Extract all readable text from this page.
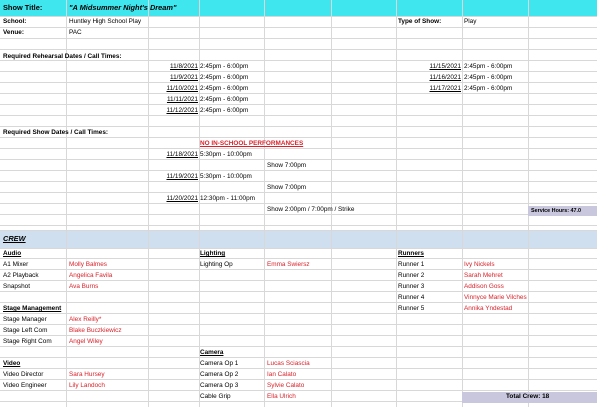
Show Title:	"A Midsummer Night's Dream"
School:	Huntley High School Play	Type of Show:	Play
Venue:	PAC
Required Rehearsal Dates / Call Times:
11/8/2021 2:45pm - 6:00pm
11/9/2021 2:45pm - 6:00pm
11/10/2021 2:45pm - 6:00pm
11/11/2021 2:45pm - 6:00pm
11/12/2021 2:45pm - 6:00pm
11/15/2021 2:45pm - 6:00pm
11/16/2021 2:45pm - 6:00pm
11/17/2021 2:45pm - 6:00pm
Required Show Dates / Call Times:
NO IN-SCHOOL PERFORMANCES
11/18/2021 5:30pm - 10:00pm
Show 7:00pm
11/19/2021 5:30pm - 10:00pm
Show 7:00pm
11/20/2021 12:30pm - 11:00pm
Show 2:00pm / 7:00pm / Strike	Service Hours: 47.0
CREW
Audio
A1 Mixer	Molly Balmes
A2 Playback	Angelica Favila
Snapshot	Ava Burns
Stage Management
Stage Manager	Alex Reilly*
Stage Left Com	Blake Buczkiewicz
Stage Right Com	Angel Wiley
Video
Video Director	Sara Hursey
Video Engineer	Lily Landoch
Lighting
Lighting Op	Emma Swiersz
Camera
Camera Op 1	Lucas Sciascia
Camera Op 2	Ian Calato
Camera Op 3	Sylvie Calato
Cable Grip	Ella Ulrich
Runners
Runner 1	Ivy Nickels
Runner 2	Sarah Mehret
Runner 3	Addison Goss
Runner 4	Vinnyce Marie Vilches
Runner 5	Annika Yndestad
Total Crew: 18
